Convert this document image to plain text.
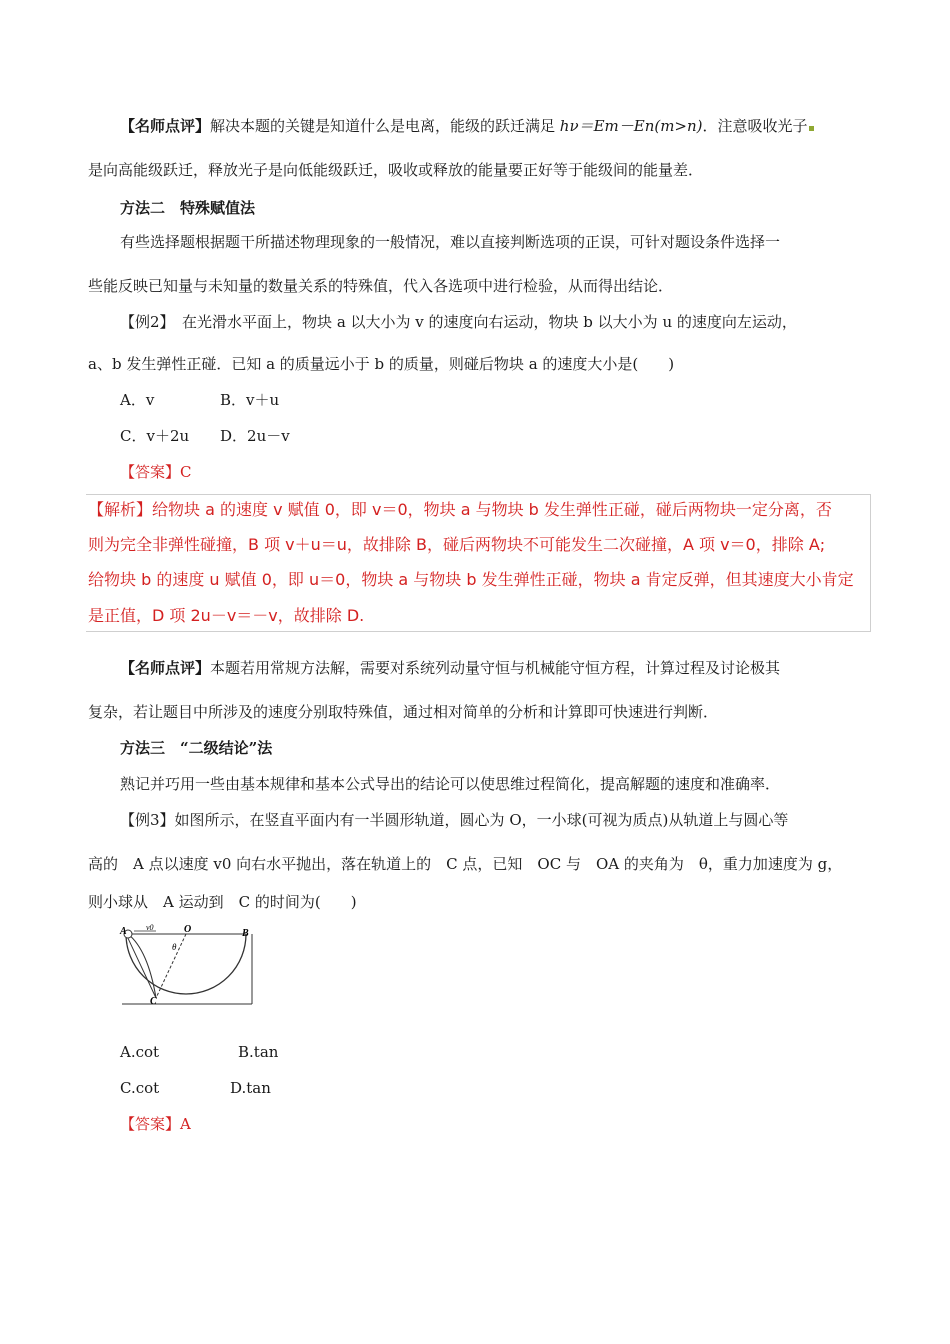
【名师点评】解决本题的关键是知道什么是电离，能级的跃迁满足 hν＝Em－En(m>n)．注意吸收光子
是向高能级跃迁，释放光子是向低能级跃迁，吸收或释放的能量要正好等于能级间的能量差．
方法二　特殊赋值法
有些选择题根据题干所描述物理现象的一般情况，难以直接判断选项的正误，可针对题设条件选择一
些能反映已知量与未知量的数量关系的特殊值，代入各选项中进行检验，从而得出结论．
【例2】　在光滑水平面上，物块 a 以大小为 v 的速度向右运动，物块 b 以大小为 u 的速度向左运动，
a、b 发生弹性正碰．已知 a 的质量远小于 b 的质量，则碰后物块 a 的速度大小是(　　)
A．v	B．v＋u
C．v＋2u D．2u－v
【答案】C
【解析】给物块 a 的速度 v 赋值 0，即 v＝0，物块 a 与物块 b 发生弹性正碰，碰后两物块一定分离，否
则为完全非弹性碰撞，B 项 v＋u＝u，故排除 B，碰后两物块不可能发生二次碰撞，A 项 v＝0，排除 A;
给物块 b 的速度 u 赋值 0，即 u＝0，物块 a 与物块 b 发生弹性正碰，物块 a 肯定反弹，但其速度大小肯定
是正值，D 项 2u－v＝－v，故排除 D.
【名师点评】本题若用常规方法解，需要对系统列动量守恒与机械能守恒方程，计算过程及讨论极其
复杂，若让题目中所涉及的速度分别取特殊值，通过相对简单的分析和计算即可快速进行判断．
方法三　“二级结论”法
熟记并巧用一些由基本规律和基本公式导出的结论可以使思维过程简化，提高解题的速度和准确率．
【例3】如图所示，在竖直平面内有一半圆形轨道，圆心为 O，一小球(可视为质点)从轨道上与圆心等
高的　A 点以速度 v0 向右水平抛出，落在轨道上的　C 点，已知　OC 与　OA 的夹角为　θ，重力加速度为 g，
则小球从　A 运动到　C 的时间为(　　)
A v0	O
θ
B
C
A.cot	B.tan
C.cot	D.tan
【答案】A
